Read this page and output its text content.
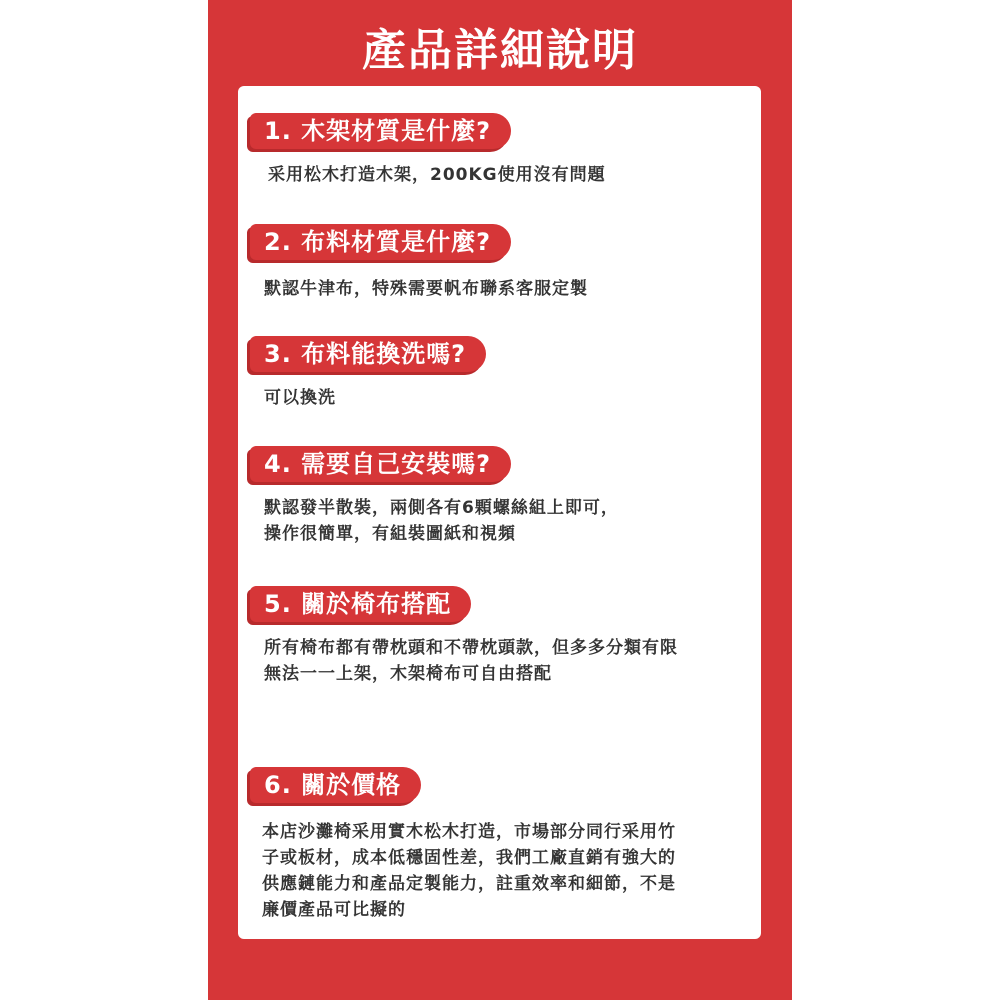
產品詳細說明
1. 木架材質是什麼?
采用松木打造木架，200KG使用沒有問題
2. 布料材質是什麼?
默認牛津布，特殊需要帆布聯系客服定製
3. 布料能換洗嗎?
可以換洗
4. 需要自己安裝嗎?
默認發半散裝，兩側各有6顆螺絲組上即可，
操作很簡單，有組裝圖紙和視頻
5. 關於椅布搭配
所有椅布都有帶枕頭和不帶枕頭款，但多多分類有限
無法一一上架，木架椅布可自由搭配
6. 關於價格
本店沙灘椅采用實木松木打造，市場部分同行采用竹
子或板材，成本低穩固性差，我們工廠直銷有強大的
供應鏈能力和產品定製能力，註重效率和細節，不是
廉價產品可比擬的
